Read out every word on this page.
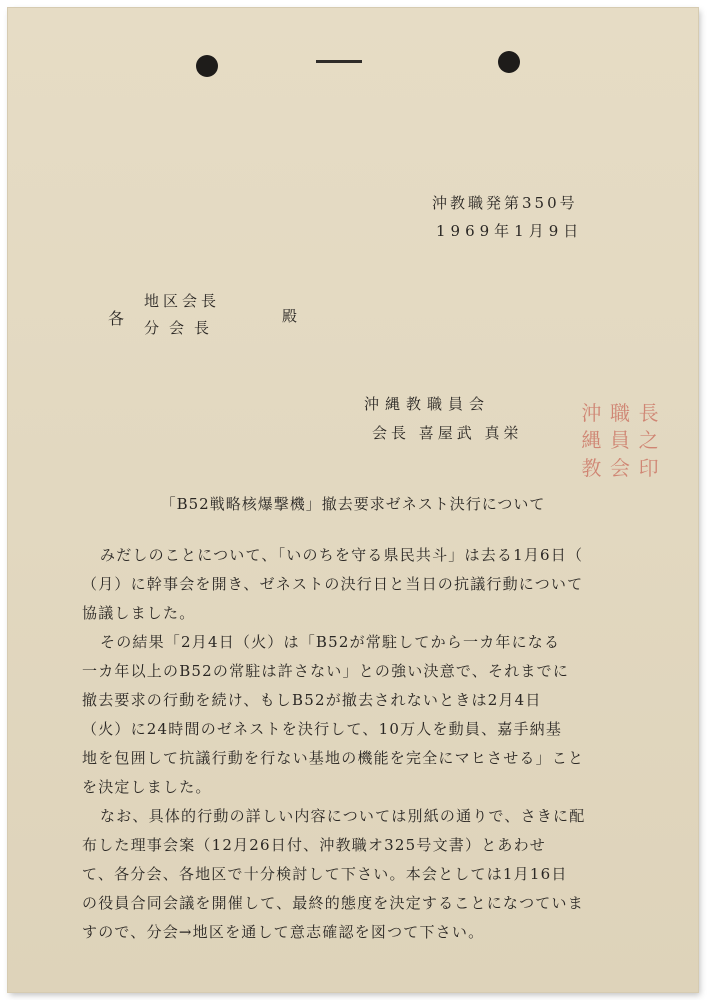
沖教職発第350号
1969年1月9日
各
地区会長
分会長
殿
沖縄教職員会
会長 喜屋武 真栄
沖 職 長
縄 員 之
教 会 印
「B52戦略核爆撃機」撤去要求ゼネスト決行について
みだしのことについて、「いのちを守る県民共斗」は去る1月6日（
（月）に幹事会を開き、ゼネストの決行日と当日の抗議行動について
協議しました。
その結果「2月4日（火）は「B52が常駐してから一カ年になる
一カ年以上のB52の常駐は許さない」との強い決意で、それまでに
撤去要求の行動を続け、もしB52が撤去されないときは2月4日
（火）に24時間のゼネストを決行して、10万人を動員、嘉手納基
地を包囲して抗議行動を行ない基地の機能を完全にマヒさせる」こと
を決定しました。
なお、具体的行動の詳しい内容については別紙の通りで、さきに配
布した理事会案（12月26日付、沖教職オ325号文書）とあわせ
て、各分会、各地区で十分検討して下さい。本会としては1月16日
の役員合同会議を開催して、最終的態度を決定することになつていま
すので、分会→地区を通して意志確認を図つて下さい。
